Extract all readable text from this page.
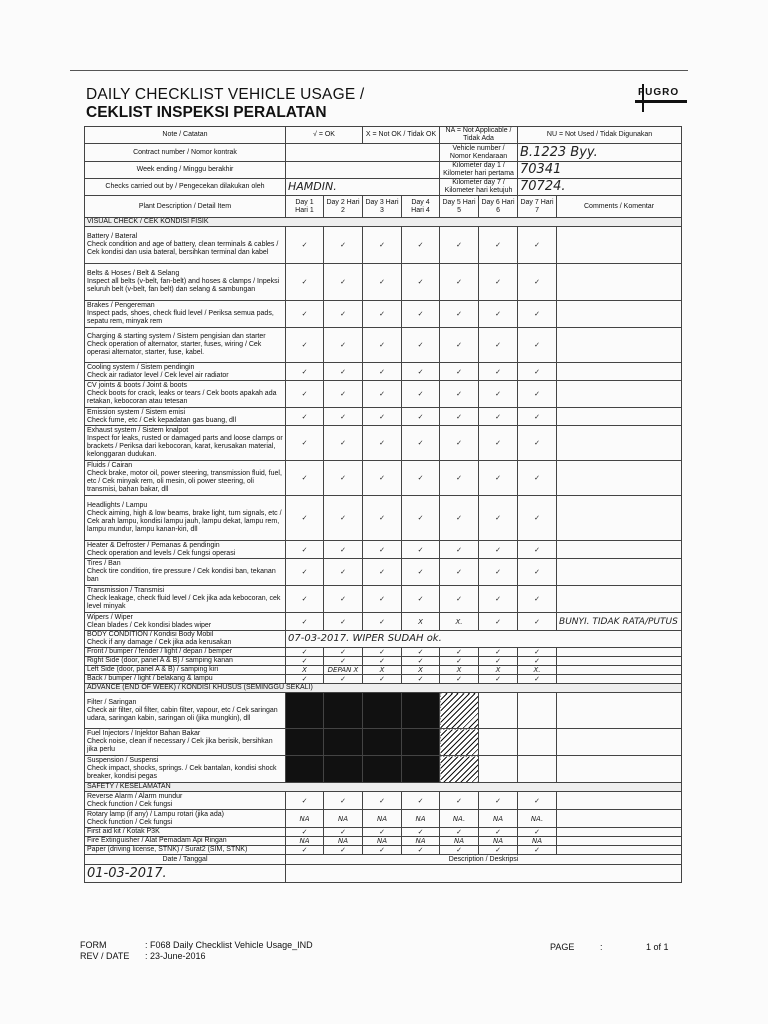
DAILY CHECKLIST VEHICLE USAGE /
CEKLIST INSPEKSI PERALATAN
FUGRO
Note / Catatan	√ = OK		X = Not OK / Tidak OK		NA = Not Applicable / Tidak Ada		NU = Not Used / Tidak Digunakan	
Contract number / Nomor kontrak					Vehicle number / Nomor Kendaraan		B.1223 Byy.	
Week ending / Minggu berakhir					Kilometer day 1 / Kilometer hari pertama		70341	
Checks carried out by / Pengecekan dilakukan oleh	HAMDIN.				Kilometer day 7 / Kilometer hari ketujuh		70724.	
Plant Description / Detail Item	Day 1 Hari 1	Day 2 Hari 2	Day 3 Hari 3	Day 4 Hari 4	Day 5 Hari 5	Day 6 Hari 6	Day 7 Hari 7	Comments / Komentar
VISUAL CHECK / CEK KONDISI FISIK								
Battery / Bateral
Check condition and age of battery, clean terminals & cables / Cek kondisi dan usia bateral, bersihkan terminal dan kabel	✓	✓	✓	✓	✓	✓	✓	
Belts & Hoses / Belt & Selang
Inspect all belts (v-belt, fan-belt) and hoses & clamps / Inpeksi seluruh belt (v-belt, fan belt) dan selang & sambungan	✓	✓	✓	✓	✓	✓	✓	
Brakes / Pengereman
Inspect pads, shoes, check fluid level / Periksa semua pads, sepatu rem, minyak rem	✓	✓	✓	✓	✓	✓	✓	
Charging & starting system / Sistem pengisian dan starter
Check operation of alternator, starter, fuses, wiring / Cek operasi alternator, starter, fuse, kabel.	✓	✓	✓	✓	✓	✓	✓	
Cooling system / Sistem pendingin
Check air radiator level / Cek level air radiator	✓	✓	✓	✓	✓	✓	✓	
CV joints & boots / Joint & boots
Check boots for crack, leaks or tears / Cek boots apakah ada retakan, kebocoran atau tetesan	✓	✓	✓	✓	✓	✓	✓	
Emission system / Sistem emisi
Check fume, etc / Cek kepadatan gas buang, dll	✓	✓	✓	✓	✓	✓	✓	
Exhaust system / Sistem knalpot
Inspect for leaks, rusted or damaged parts and loose clamps or brackets / Periksa dari kebocoran, karat, kerusakan material, kelonggaran dudukan.	✓	✓	✓	✓	✓	✓	✓	
Fluids / Cairan
Check brake, motor oil, power steering, transmission fluid, fuel, etc / Cek minyak rem, oli mesin, oli power steering, oli transmisi, bahan bakar, dll	✓	✓	✓	✓	✓	✓	✓	
Headlights / Lampu
Check aiming, high & low beams, brake light, turn signals, etc / Cek arah lampu, kondisi lampu jauh, lampu dekat, lampu rem, lampu mundur, lampu kanan-kiri, dll	✓	✓	✓	✓	✓	✓	✓	
Heater & Defroster / Pemanas & pendingin
Check operation and levels / Cek fungsi operasi	✓	✓	✓	✓	✓	✓	✓	
Tires / Ban
Check tire condition, tire pressure / Cek kondisi ban, tekanan ban	✓	✓	✓	✓	✓	✓	✓	
Transmission / Transmisi
Check leakage, check fluid level / Cek jika ada kebocoran, cek level minyak	✓	✓	✓	✓	✓	✓	✓	
Wipers / Wiper
Clean blades / Cek kondisi blades wiper	✓	✓	✓	X	X.	✓	✓	BUNYI. TIDAK RATA/PUTUS
BODY CONDITION / Kondisi Body Mobil
Check if any damage / Cek jika ada kerusakan	07-03-2017. WIPER SUDAH ok.							
Front / bumper / fender / light / depan / bemper	✓	✓	✓	✓	✓	✓	✓	
Right Side (door, panel A & B) / samping kanan	✓	✓	✓	✓	✓	✓	✓	
Left Side (door, panel A & B) / samping kiri	X	DEPAN X	X	X	X	X	X.	
Back / bumper / light / belakang & lampu	✓	✓	✓	✓	✓	✓	✓	
ADVANCE (END OF WEEK) / KONDISI KHUSUS (SEMINGGU SEKALI)								
Filter / Saringan
Check air filter, oil filter, cabin filter, vapour, etc / Cek saringan udara, saringan kabin, saringan oli (jika mungkin), dll								
Fuel Injectors / Injektor Bahan Bakar
Check noise, clean if necessary / Cek jika berisik, bersihkan jika perlu								
Suspension / Suspensi
Check impact, shocks, springs. / Cek bantalan, kondisi shock breaker, kondisi pegas								
SAFETY / KESELAMATAN								
Reverse Alarm / Alarm mundur
Check function / Cek fungsi	✓	✓	✓	✓	✓	✓	✓	
Rotary lamp (if any) / Lampu rotari (jika ada)
Check function / Cek fungsi	NA	NA	NA	NA	NA.	NA	NA.	
First aid kit / Kotak P3K	✓	✓	✓	✓	✓	✓	✓	
Fire Extinguisher / Alat Pemadam Api Ringan	NA	NA	NA	NA	NA	NA	NA	
Paper (driving license, STNK) / Surat2 (SIM, STNK)	✓	✓	✓	✓	✓	✓	✓	
Date / Tanggal	Description / Deskripsi							
01-03-2017.								
FORM	: F068 Daily Checklist Vehicle Usage_IND
REV / DATE : 23-June-2016
PAGE	:	1 of 1
